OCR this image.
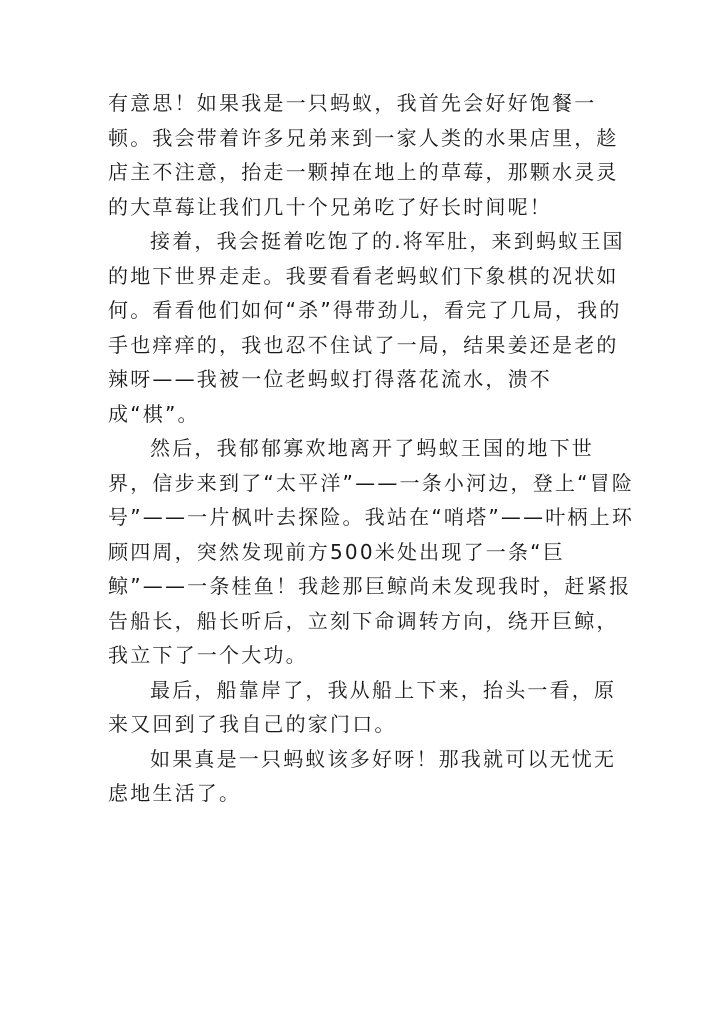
有意思！如果我是一只蚂蚁，我首先会好好饱餐一顿。我会带着许多兄弟来到一家人类的水果店里，趁店主不注意，抬走一颗掉在地上的草莓，那颗水灵灵的大草莓让我们几十个兄弟吃了好长时间呢！

接着，我会挺着吃饱了的.将军肚，来到蚂蚁王国的地下世界走走。我要看看老蚂蚁们下象棋的况状如何。看看他们如何“杀”得带劲儿，看完了几局，我的手也痒痒的，我也忍不住试了一局，结果姜还是老的辣呀——我被一位老蚂蚁打得落花流水，溃不成“棋”。

然后，我郁郁寡欢地离开了蚂蚁王国的地下世界，信步来到了“太平洋”——一条小河边，登上“冒险号”——一片枫叶去探险。我站在“哨塔”——叶柄上环顾四周，突然发现前方500米处出现了一条“巨鲸”——一条桂鱼！我趁那巨鲸尚未发现我时，赶紧报告船长，船长听后，立刻下命调转方向，绕开巨鲸，我立下了一个大功。

最后，船靠岸了，我从船上下来，抬头一看，原来又回到了我自己的家门口。

如果真是一只蚂蚁该多好呀！那我就可以无忧无虑地生活了。
